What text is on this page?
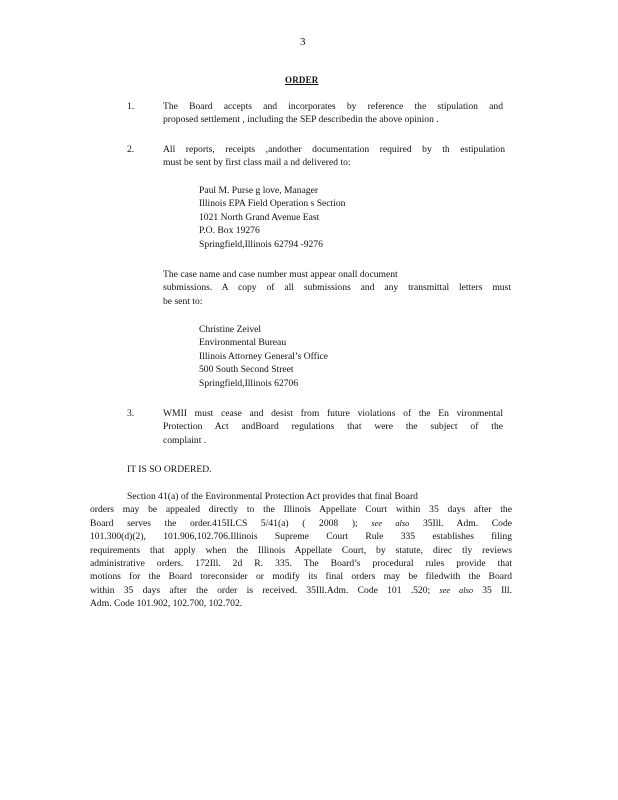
3
ORDER
1.	The Board accepts and incorporates by reference the stipulation and
proposed settlement , including the SEP describedin the above opinion .
2.	All reports, receipts ,andother documentation required by th estipulation
must be sent by first class mail a nd delivered to:
Paul M. Purse g love, Manager
Illinois EPA Field Operation s Section
1021 North Grand Avenue East
P.O. Box 19276
Springfield,Illinois 62794 -9276
The case name and case number must appear onall document
submissions. A copy of all submissions and any transmittal letters must
be sent to:
Christine Zeivel
Environmental Bureau
Illinois Attorney General’s Office
500 South Second Street
Springfield,Illinois 62706
3.	WMII must cease and desist from future violations of the En vironmental
Protection Act andBoard regulations that were the subject of the
complaint .
IT IS SO ORDERED.
Section 41(a) of the Environmental Protection Act provides that final Board
orders may be appealed directly to the Illinois Appellate Court within 35 days after the
Board serves the order.415ILCS 5/41(a) ( 2008 ); see also 35Ill. Adm. Code
101.300(d)(2), 101.906,102.706.Illinois Supreme Court Rule 335 establishes filing
requirements that apply when the Illinois Appellate Court, by statute, direc tly reviews
administrative orders. 172Ill. 2d R. 335. The Board’s procedural rules provide that
motions for the Board toreconsider or modify its final orders may be filedwith the Board
within 35 days after the order is received. 35Ill.Adm. Code 101 .520; see also 35 Ill.
Adm. Code 101.902, 102.700, 102.702.
